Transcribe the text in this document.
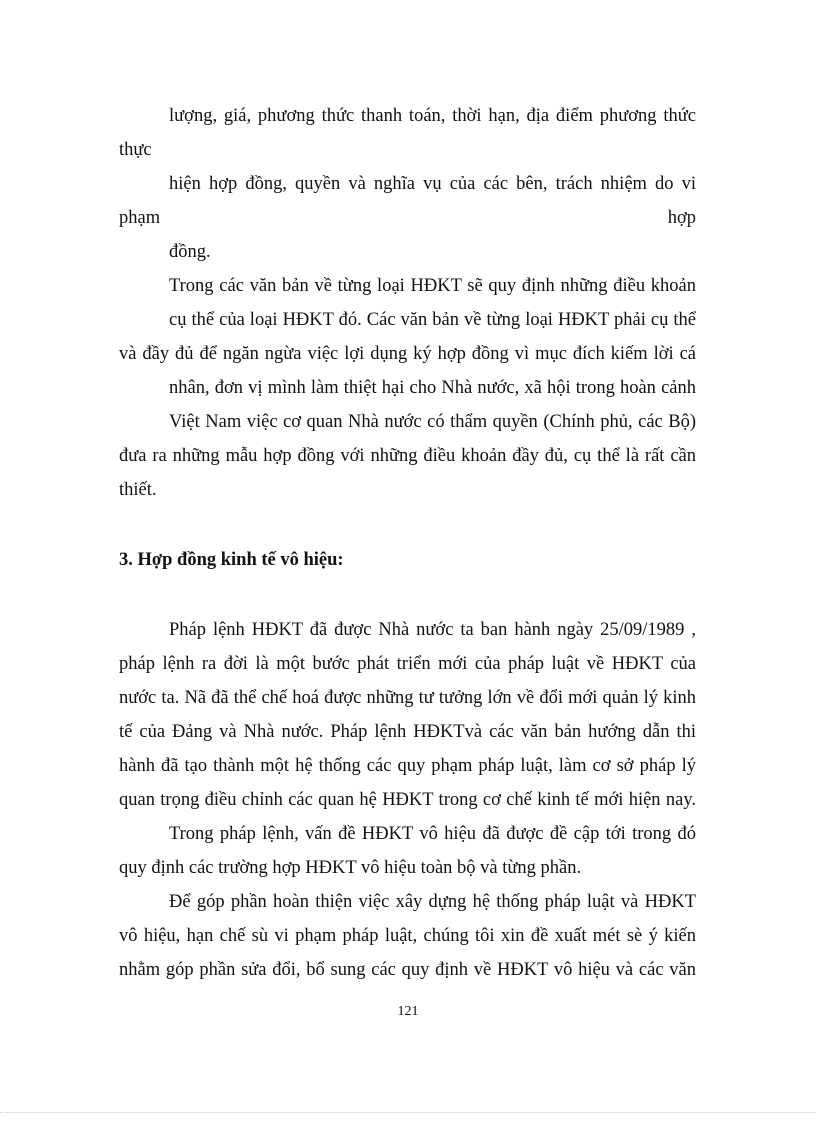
lượng, giá, phương thức thanh toán, thời hạn, địa điểm phương thức

thực

hiện hợp đồng, quyền và nghĩa vụ của các bên, trách nhiệm do vi

phạm	hợp

đồng.

Trong các văn bản về từng loại HĐKT sẽ quy định những điều khoản

cụ thể của loại HĐKT đó. Các văn bản về từng loại HĐKT phải cụ thể

và đầy đủ để ngăn ngừa việc lợi dụng ký hợp đồng vì mục đích kiếm lời cá

nhân, đơn vị mình làm thiệt hại cho Nhà nước, xã hội trong hoàn cảnh

Việt Nam việc cơ quan Nhà nước có thẩm quyền (Chính phủ, các Bộ)

đưa ra những mẫu hợp đồng với những điều khoản đầy đủ, cụ thể là rất cần

thiết.

3. Hợp đồng kinh tế vô hiệu:

Pháp lệnh HĐKT đã được Nhà nước ta ban hành ngày 25/09/1989 ,

pháp lệnh ra đời là một bước phát triển mới của pháp luật về HĐKT của

nước ta. Nã đã thể chế hoá được những tư tưởng lớn về đổi mới quản lý kinh

tế của Đảng và Nhà nước. Pháp lệnh HĐKTvà các văn bản hướng dẫn thi

hành đã tạo thành một hệ thống các quy phạm pháp luật, làm cơ sở pháp lý

quan trọng điều chỉnh các quan hệ HĐKT trong cơ chế kinh tế mới hiện nay.

Trong pháp lệnh, vấn đề HĐKT vô hiệu đã được đề cập tới trong đó

quy định các trường hợp HĐKT vô hiệu toàn bộ và từng phần.

Để góp phần hoàn thiện việc xây dựng hệ thống pháp luật và HĐKT

vô hiệu, hạn chế sù vi phạm pháp luật, chúng tôi xin đề xuất mét sè ý kiến

nhằm góp phần sửa đổi, bổ sung các quy định về HĐKT vô hiệu và các văn

121
